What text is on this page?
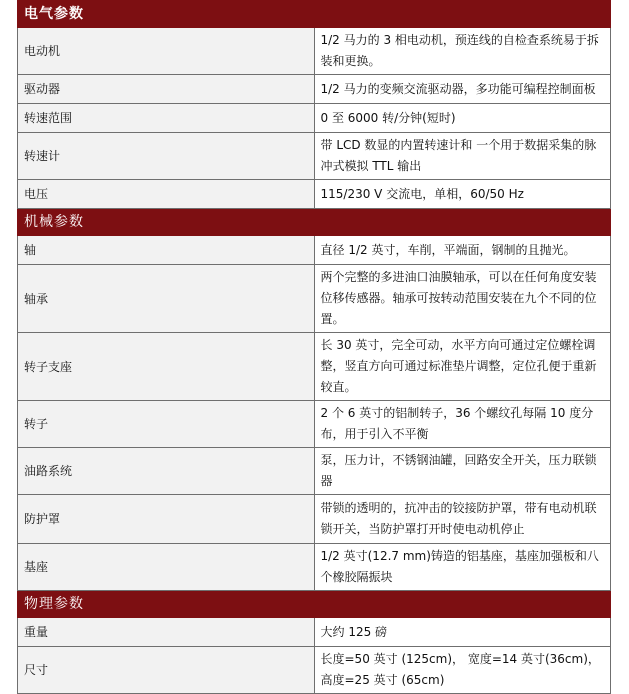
电气参数	
电动机	1/2 马力的 3 相电动机，预连线的自检查系统易于拆装和更换。
驱动器	1/2 马力的变频交流驱动器，多功能可编程控制面板
转速范围	0 至 6000 转/分钟(短时)
转速计	带 LCD 数显的内置转速计和 一个用于数据采集的脉冲式模拟 TTL 输出
电压	115/230 V 交流电，单相，60/50 Hz
机械参数	
轴	直径 1/2 英寸，车削，平端面，钢制的且抛光。
轴承	两个完整的多进油口油膜轴承，可以在任何角度安装位移传感器。轴承可按转动范围安装在九个不同的位置。
转子支座	长 30 英寸，完全可动，水平方向可通过定位螺栓调整，竖直方向可通过标准垫片调整，定位孔便于重新较直。
转子	2 个 6 英寸的铝制转子，36 个螺纹孔每隔 10 度分布，用于引入不平衡
油路系统	泵，压力计，不锈钢油罐，回路安全开关，压力联锁器
防护罩	带锁的透明的，抗冲击的铰接防护罩，带有电动机联锁开关，当防护罩打开时使电动机停止
基座	1/2 英寸(12.7 mm)铸造的铝基座，基座加强板和八个橡胶隔振块
物理参数	
重量	大约 125 磅
尺寸	长度=50 英寸 (125cm)， 宽度=14 英寸(36cm)，高度=25 英寸 (65cm)
